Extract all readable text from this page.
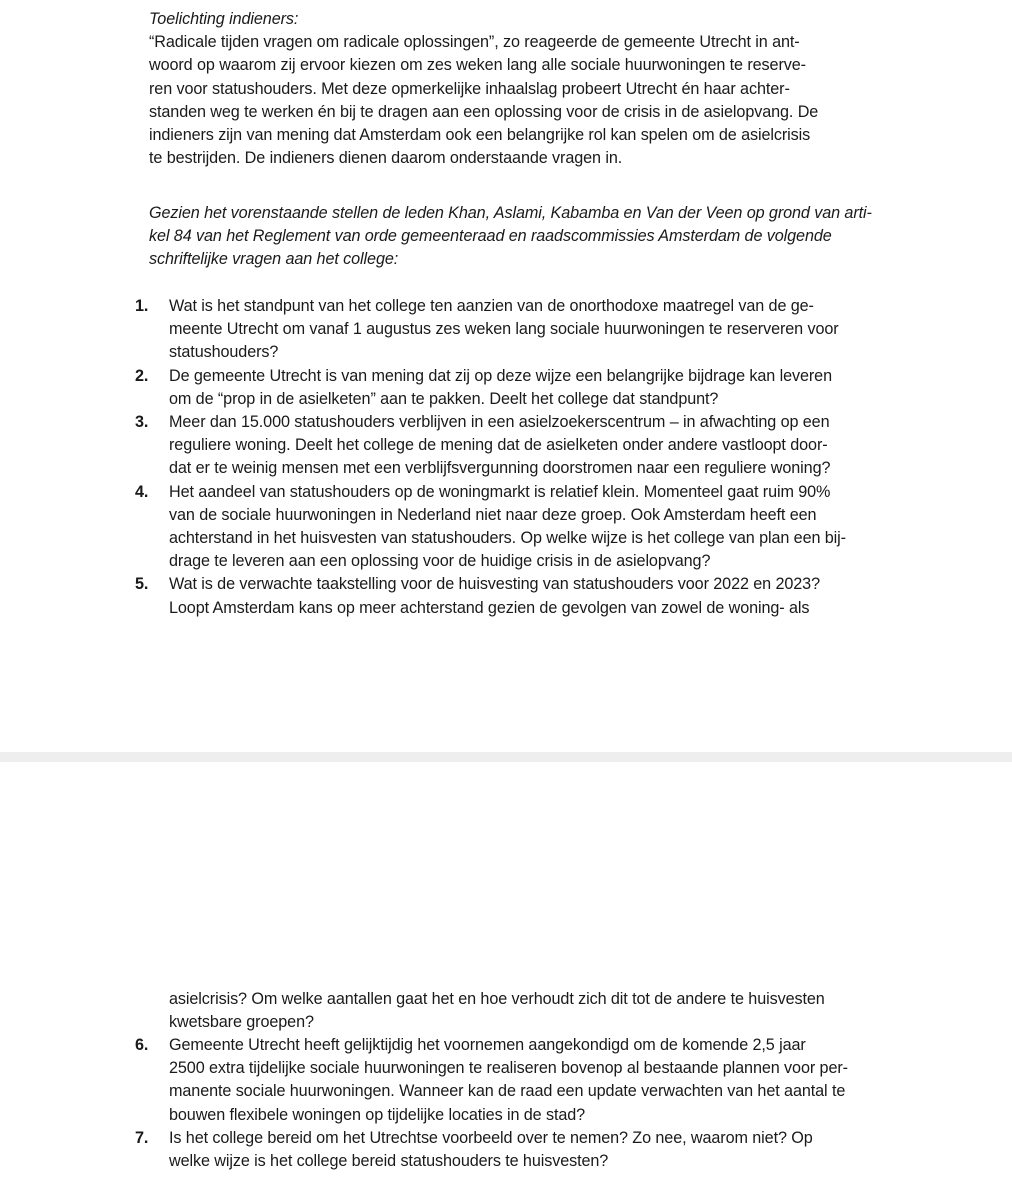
Toelichting indieners:
“Radicale tijden vragen om radicale oplossingen”, zo reageerde de gemeente Utrecht in ant-
woord op waarom zij ervoor kiezen om zes weken lang alle sociale huurwoningen te reserve-
ren voor statushouders. Met deze opmerkelijke inhaalslag probeert Utrecht én haar achter-
standen weg te werken én bij te dragen aan een oplossing voor de crisis in de asielopvang. De
indieners zijn van mening dat Amsterdam ook een belangrijke rol kan spelen om de asielcrisis
te bestrijden. De indieners dienen daarom onderstaande vragen in.
Gezien het vorenstaande stellen de leden Khan, Aslami, Kabamba en Van der Veen op grond van arti-
kel 84 van het Reglement van orde gemeenteraad en raadscommissies Amsterdam de volgende
schriftelijke vragen aan het college:
1.	Wat is het standpunt van het college ten aanzien van de onorthodoxe maatregel van de ge-
meente Utrecht om vanaf 1 augustus zes weken lang sociale huurwoningen te reserveren voor
statushouders?
2.	De gemeente Utrecht is van mening dat zij op deze wijze een belangrijke bijdrage kan leveren
om de “prop in de asielketen” aan te pakken. Deelt het college dat standpunt?
3.	Meer dan 15.000 statushouders verblijven in een asielzoekerscentrum – in afwachting op een
reguliere woning. Deelt het college de mening dat de asielketen onder andere vastloopt door-
dat er te weinig mensen met een verblijfsvergunning doorstromen naar een reguliere woning?
4.	Het aandeel van statushouders op de woningmarkt is relatief klein. Momenteel gaat ruim 90%
van de sociale huurwoningen in Nederland niet naar deze groep. Ook Amsterdam heeft een
achterstand in het huisvesten van statushouders. Op welke wijze is het college van plan een bij-
drage te leveren aan een oplossing voor de huidige crisis in de asielopvang?
5.	Wat is de verwachte taakstelling voor de huisvesting van statushouders voor 2022 en 2023?
Loopt Amsterdam kans op meer achterstand gezien de gevolgen van zowel de woning- als
asielcrisis? Om welke aantallen gaat het en hoe verhoudt zich dit tot de andere te huisvesten
kwetsbare groepen?
6.	Gemeente Utrecht heeft gelijktijdig het voornemen aangekondigd om de komende 2,5 jaar
2500 extra tijdelijke sociale huurwoningen te realiseren bovenop al bestaande plannen voor per-
manente sociale huurwoningen. Wanneer kan de raad een update verwachten van het aantal te
bouwen flexibele woningen op tijdelijke locaties in de stad?
7.	Is het college bereid om het Utrechtse voorbeeld over te nemen? Zo nee, waarom niet? Op
welke wijze is het college bereid statushouders te huisvesten?
